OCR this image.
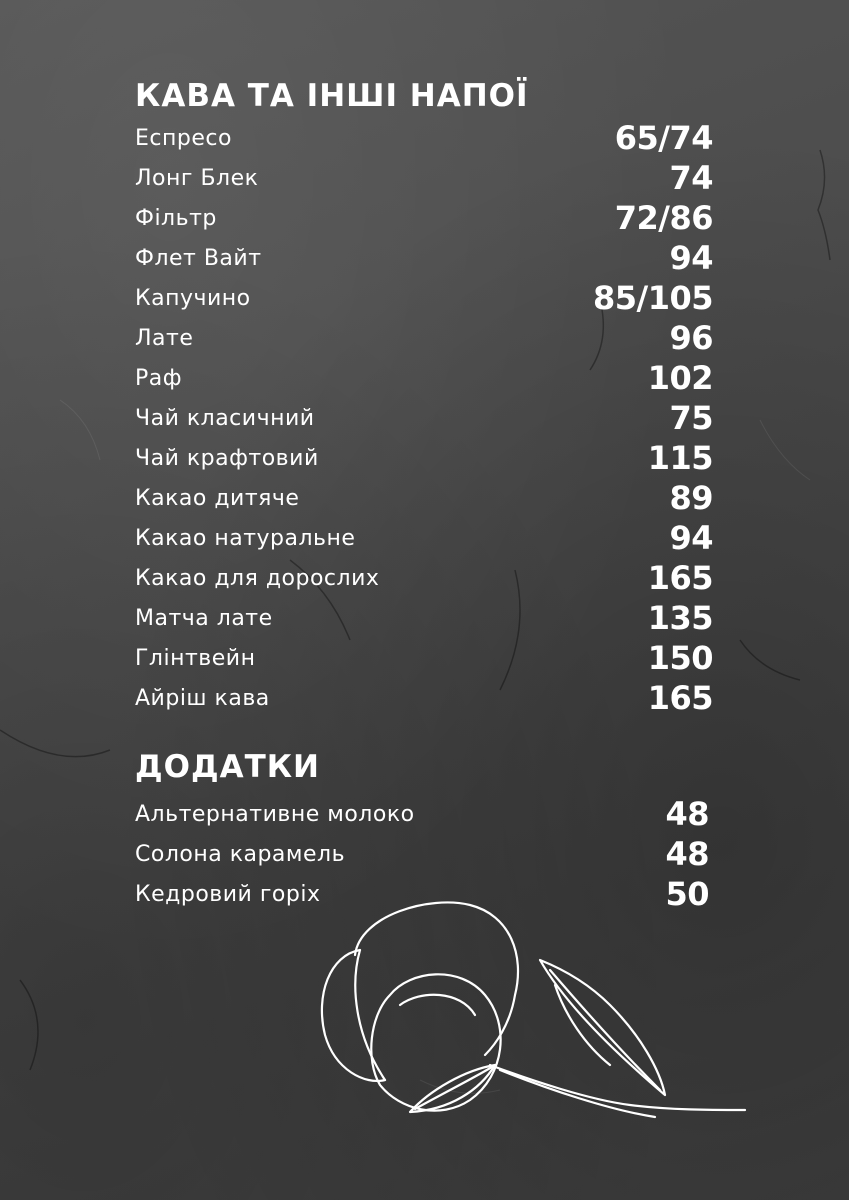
КАВА ТА ІНШІ НАПОЇ
Еспресо	65/74
Лонг Блек	74
Фільтр	72/86
Флет Вайт	94
Капучино	85/105
Лате	96
Раф	102
Чай класичний	75
Чай крафтовий	115
Какао дитяче	89
Какао натуральне	94
Какао для дорослих	165
Матча лате	135
Глінтвейн	150
Айріш кава	165
ДОДАТКИ
Альтернативне молоко	48
Солона карамель	48
Кедровий горіх	50
